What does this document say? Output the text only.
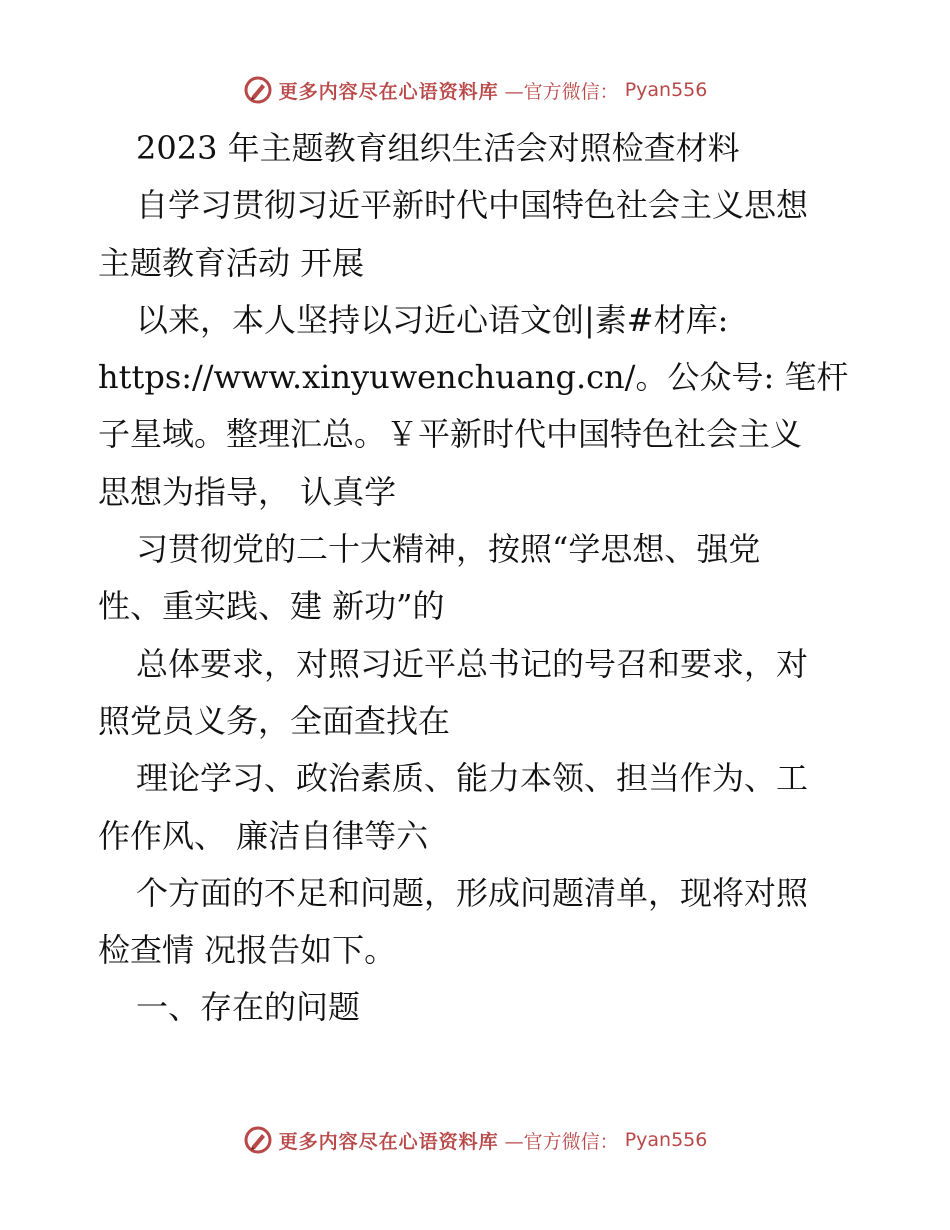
更多内容尽在心语资料库 —官方微信： Pyan556
2023 年主题教育组织生活会对照检查材料
自学习贯彻习近平新时代中国特色社会主义思想
主题教育活动 开展
以来，本人坚持以习近心语文创|素#材库:
https://www.xinyuwenchuang.cn/。公众号: 笔杆
子星域。整理汇总。￥平新时代中国特色社会主义
思想为指导， 认真学
习贯彻党的二十大精神，按照“学思想、强党
性、重实践、建 新功”的
总体要求，对照习近平总书记的号召和要求，对
照党员义务，全面查找在
理论学习、政治素质、能力本领、担当作为、工
作作风、 廉洁自律等六
个方面的不足和问题，形成问题清单，现将对照
检查情 况报告如下。
一、存在的问题
更多内容尽在心语资料库 —官方微信： Pyan556
